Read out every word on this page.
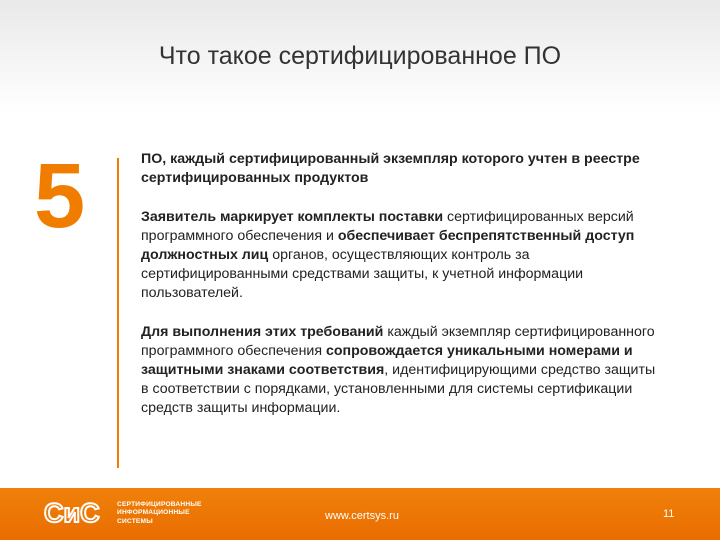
Что такое сертифицированное ПО
5	ПО, каждый сертифицированный экземпляр которого учтен в реестре сертифицированных продуктов

Заявитель маркирует комплекты поставки сертифицированных версий программного обеспечения и обеспечивает беспрепятственный доступ должностных лиц органов, осуществляющих контроль за сертифицированными средствами защиты, к учетной информации пользователей.

Для выполнения этих требований каждый экземпляр сертифицированного программного обеспечения сопровождается уникальными номерами и защитными знаками соответствия, идентифицирующими средство защиты в соответствии с порядками, установленными для системы сертификации средств защиты информации.

СиС	СЕРТИФИЦИРОВАННЫЕ
ИНФОРМАЦИОННЫЕ
СИСТЕМЫ	www.certsys.ru	11
